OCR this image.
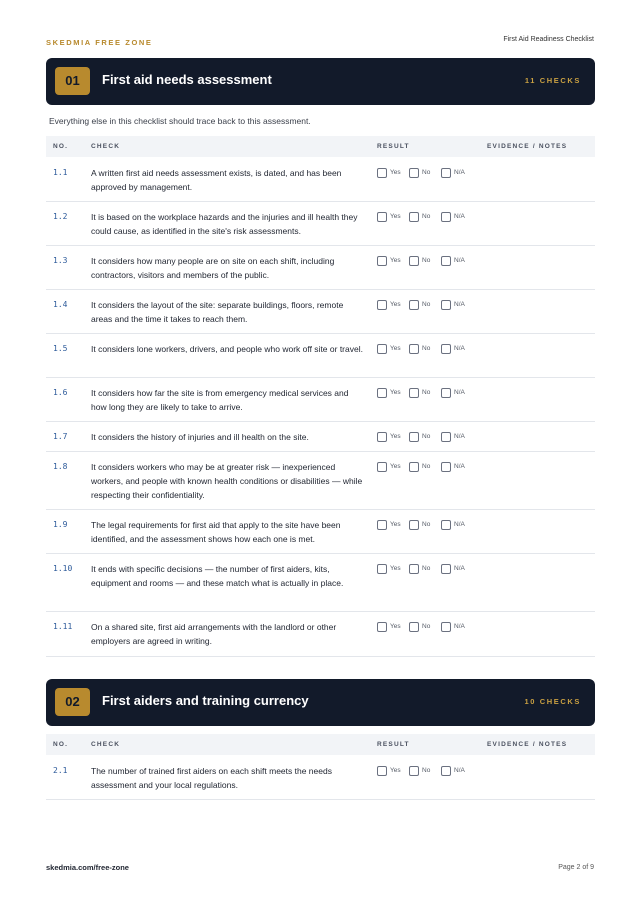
SKEDMIA FREE ZONE	First Aid Readiness Checklist
01	First aid needs assessment	11 CHECKS
Everything else in this checklist should trace back to this assessment.
NO.	CHECK	RESULT	EVIDENCE / NOTES
1.1	A written first aid needs assessment exists, is dated, and has been approved by management.
Yes	No	N/A
1.2	It is based on the workplace hazards and the injuries and ill health they could cause, as identified in the site's risk assessments.
Yes	No	N/A
1.3	It considers how many people are on site on each shift, including contractors, visitors and members of the public.
Yes	No	N/A
1.4	It considers the layout of the site: separate buildings, floors, remote areas and the time it takes to reach them.
Yes	No	N/A
1.5	It considers lone workers, drivers, and people who work off site or travel.	Yes	No	N/A
1.6	It considers how far the site is from emergency medical services and how long they are likely to take to arrive.
Yes	No	N/A
1.7	It considers the history of injuries and ill health on the site.	Yes	No	N/A
1.8	It considers workers who may be at greater risk — inexperienced workers, and people with known health conditions or disabilities — while respecting their confidentiality.
Yes	No	N/A
1.9	The legal requirements for first aid that apply to the site have been identified, and the assessment shows how each one is met.
Yes	No	N/A
1.10 It ends with specific decisions — the number of first aiders, kits, equipment and rooms — and these match what is actually in place.
Yes	No	N/A
1.11 On a shared site, first aid arrangements with the landlord or other employers are agreed in writing.
Yes	No	N/A
02	First aiders and training currency	10 CHECKS
NO.	CHECK	RESULT	EVIDENCE / NOTES
2.1	The number of trained first aiders on each shift meets the needs assessment and your local regulations.
Yes	No	N/A
skedmia.com/free-zone	Page 2 of 9
